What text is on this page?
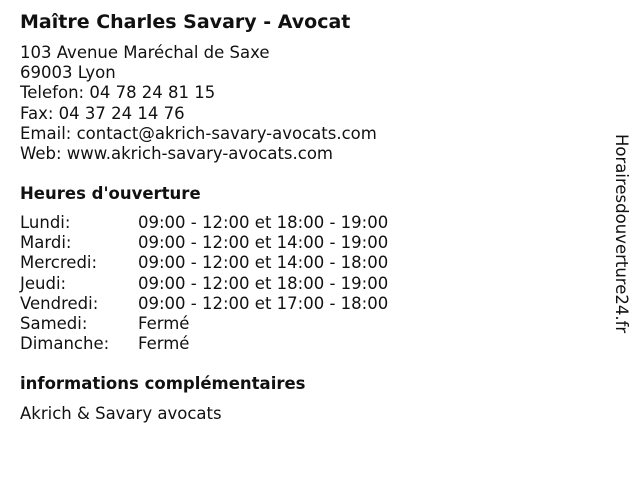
Maître Charles Savary - Avocat
103 Avenue Maréchal de Saxe
69003 Lyon
Telefon: 04 78 24 81 15
Fax: 04 37 24 14 76
Email: contact@akrich-savary-avocats.com
Web: www.akrich-savary-avocats.com
Heures d'ouverture
Lundi:	09:00 - 12:00 et 18:00 - 19:00
Mardi:	09:00 - 12:00 et 14:00 - 19:00
Mercredi: 09:00 - 12:00 et 14:00 - 18:00
Jeudi:	09:00 - 12:00 et 18:00 - 19:00
Vendredi: 09:00 - 12:00 et 17:00 - 18:00
Samedi:	Fermé
Dimanche: Fermé
informations complémentaires
Akrich & Savary avocats
Horairesdouverture24.fr
